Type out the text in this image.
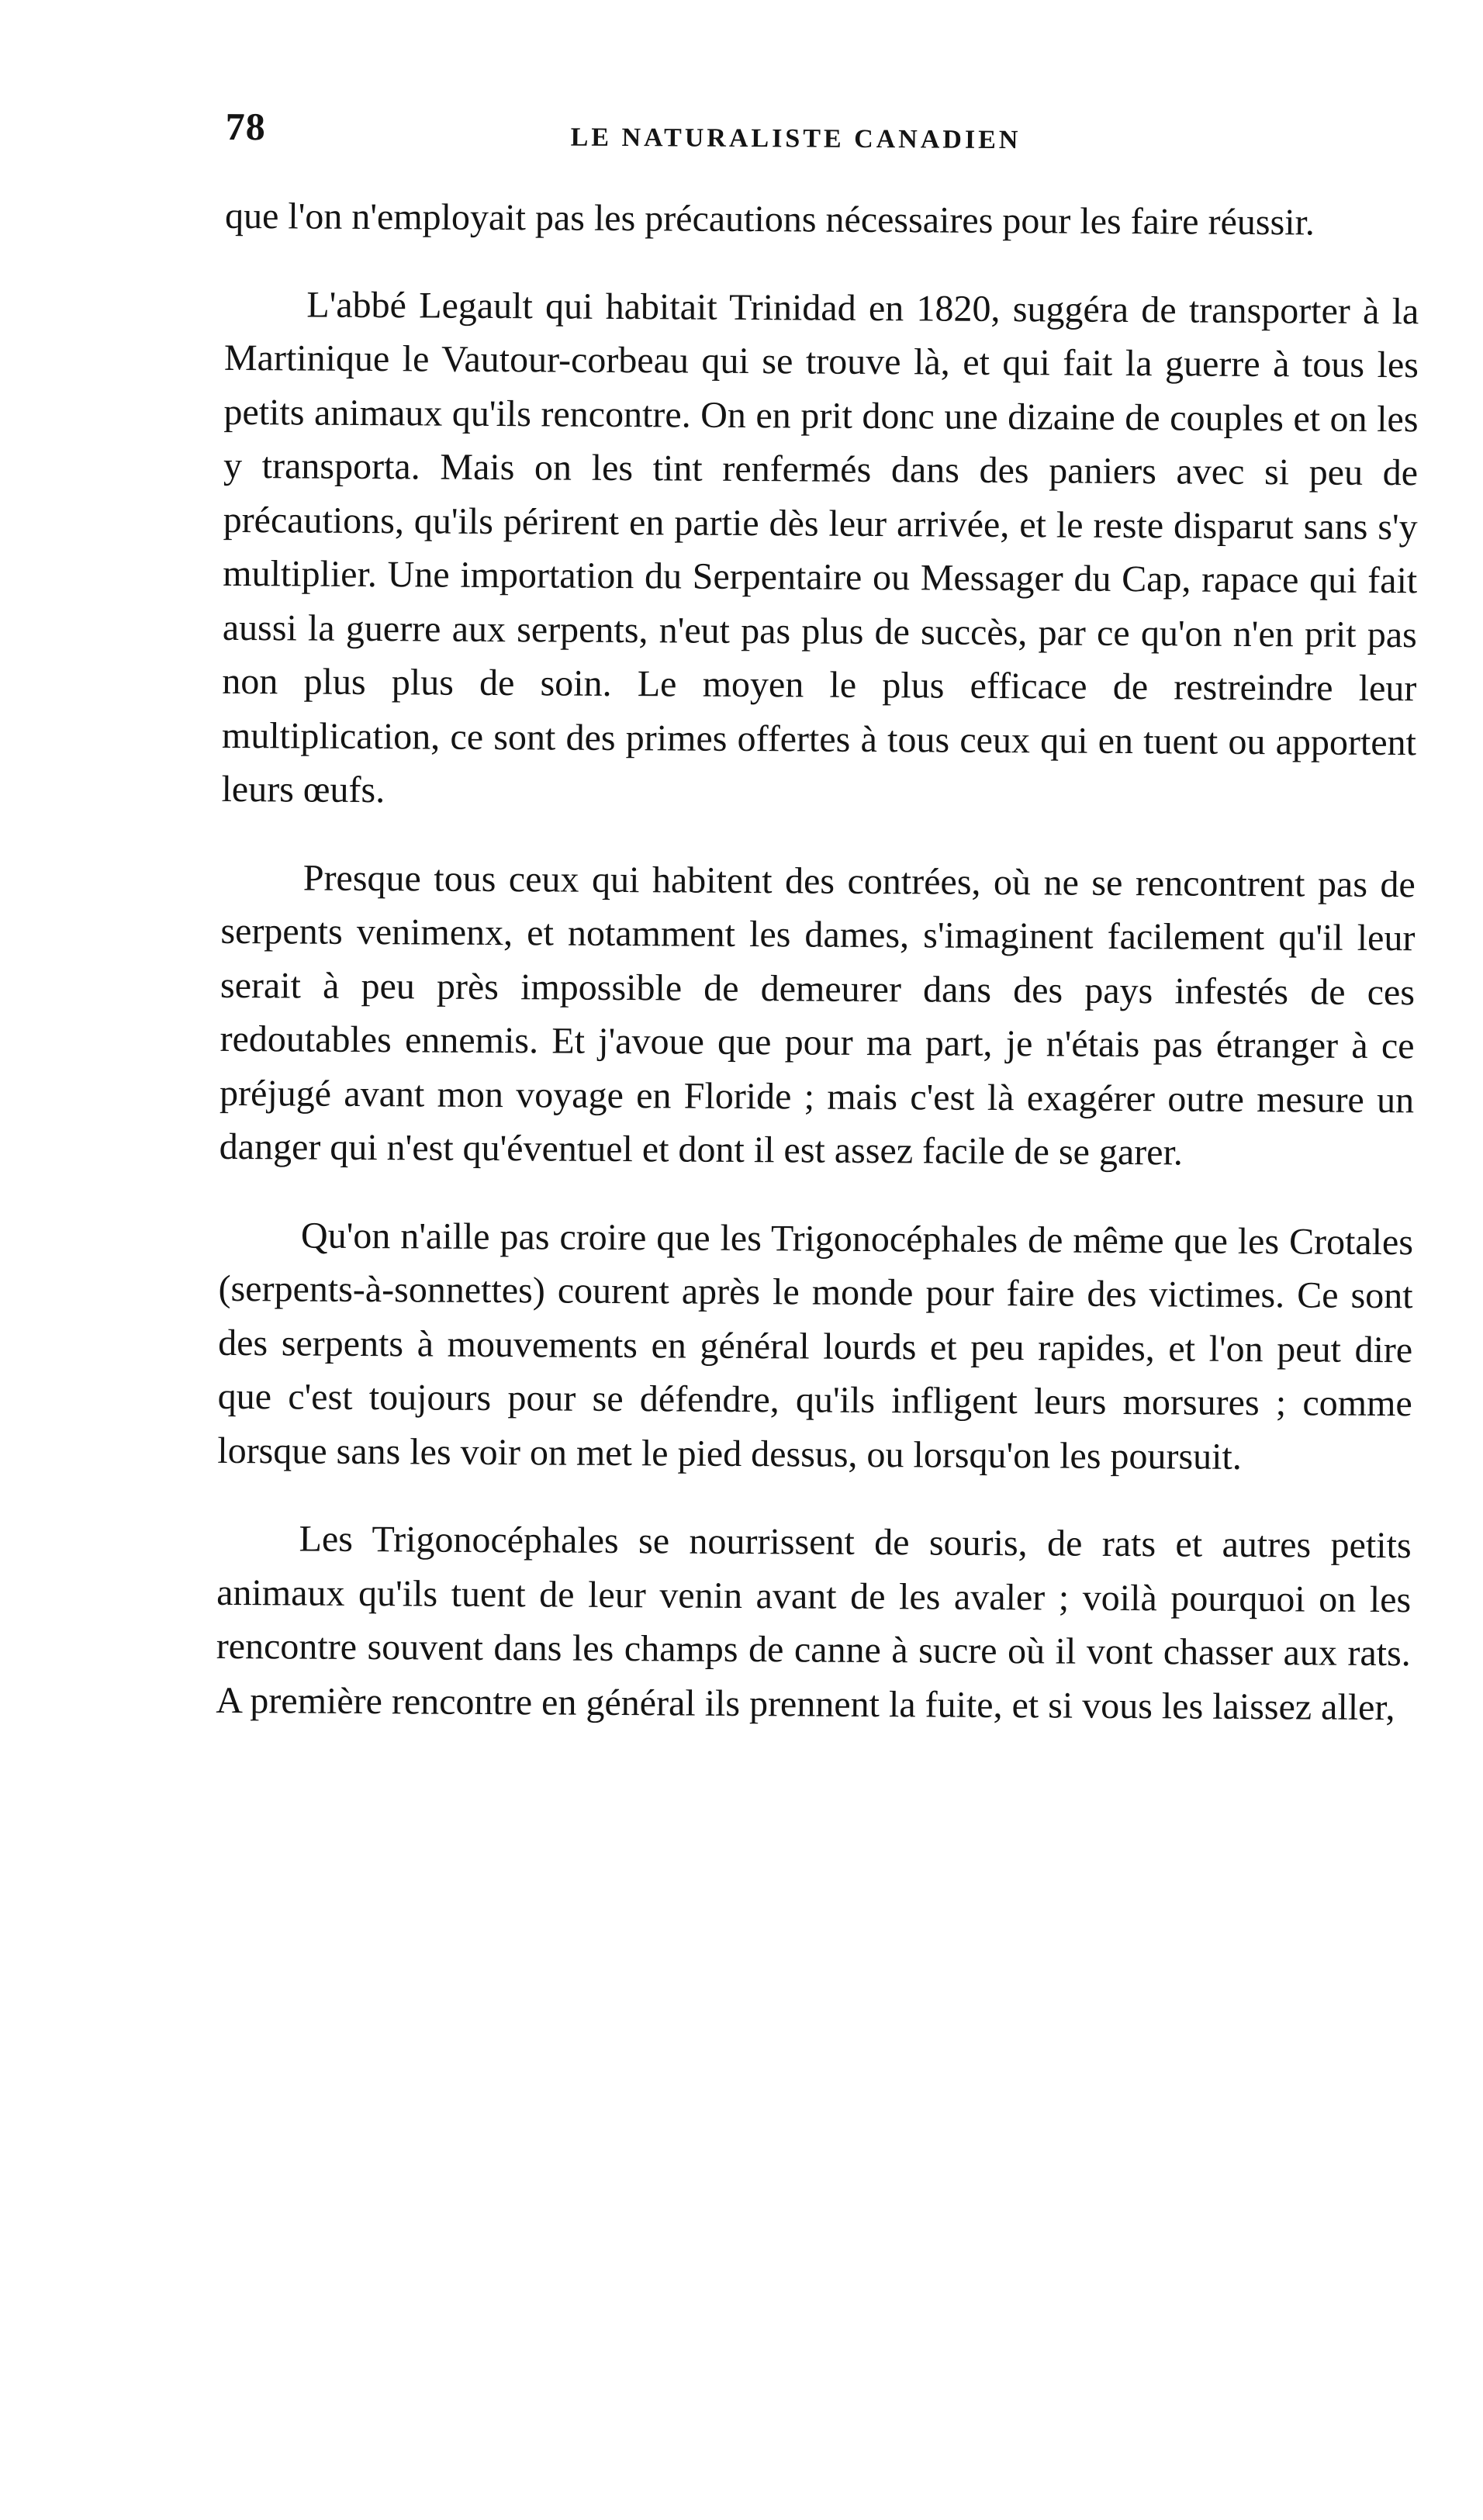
78	LE NATURALISTE CANADIEN

que l'on n'employait pas les précautions nécessaires pour les faire réussir.

L'abbé Legault qui habitait Trinidad en 1820, suggéra de transporter à la Martinique le Vautour-corbeau qui se trouve là, et qui fait la guerre à tous les petits animaux qu'ils rencontre. On en prit donc une dizaine de couples et on les y transporta. Mais on les tint renfermés dans des paniers avec si peu de précautions, qu'ils périrent en partie dès leur arrivée, et le reste disparut sans s'y multiplier. Une importation du Serpentaire ou Messager du Cap, rapace qui fait aussi la guerre aux serpents, n'eut pas plus de succès, par ce qu'on n'en prit pas non plus plus de soin. Le moyen le plus efficace de restreindre leur multiplication, ce sont des primes offertes à tous ceux qui en tuent ou apportent leurs œufs.

Presque tous ceux qui habitent des contrées, où ne se rencontrent pas de serpents venimenx, et notamment les dames, s'imaginent facilement qu'il leur serait à peu près impossible de demeurer dans des pays infestés de ces redoutables ennemis. Et j'avoue que pour ma part, je n'étais pas étranger à ce préjugé avant mon voyage en Floride ; mais c'est là exagérer outre mesure un danger qui n'est qu'éventuel et dont il est assez facile de se garer.

Qu'on n'aille pas croire que les Trigonocéphales de même que les Crotales (serpents-à-sonnettes) courent après le monde pour faire des victimes. Ce sont des serpents à mouvements en général lourds et peu rapides, et l'on peut dire que c'est toujours pour se défendre, qu'ils infligent leurs morsures ; comme lorsque sans les voir on met le pied dessus, ou lorsqu'on les poursuit.

Les Trigonocéphales se nourrissent de souris, de rats et autres petits animaux qu'ils tuent de leur venin avant de les avaler ; voilà pourquoi on les rencontre souvent dans les champs de canne à sucre où il vont chasser aux rats. A première rencontre en général ils prennent la fuite, et si vous les laissez aller,
